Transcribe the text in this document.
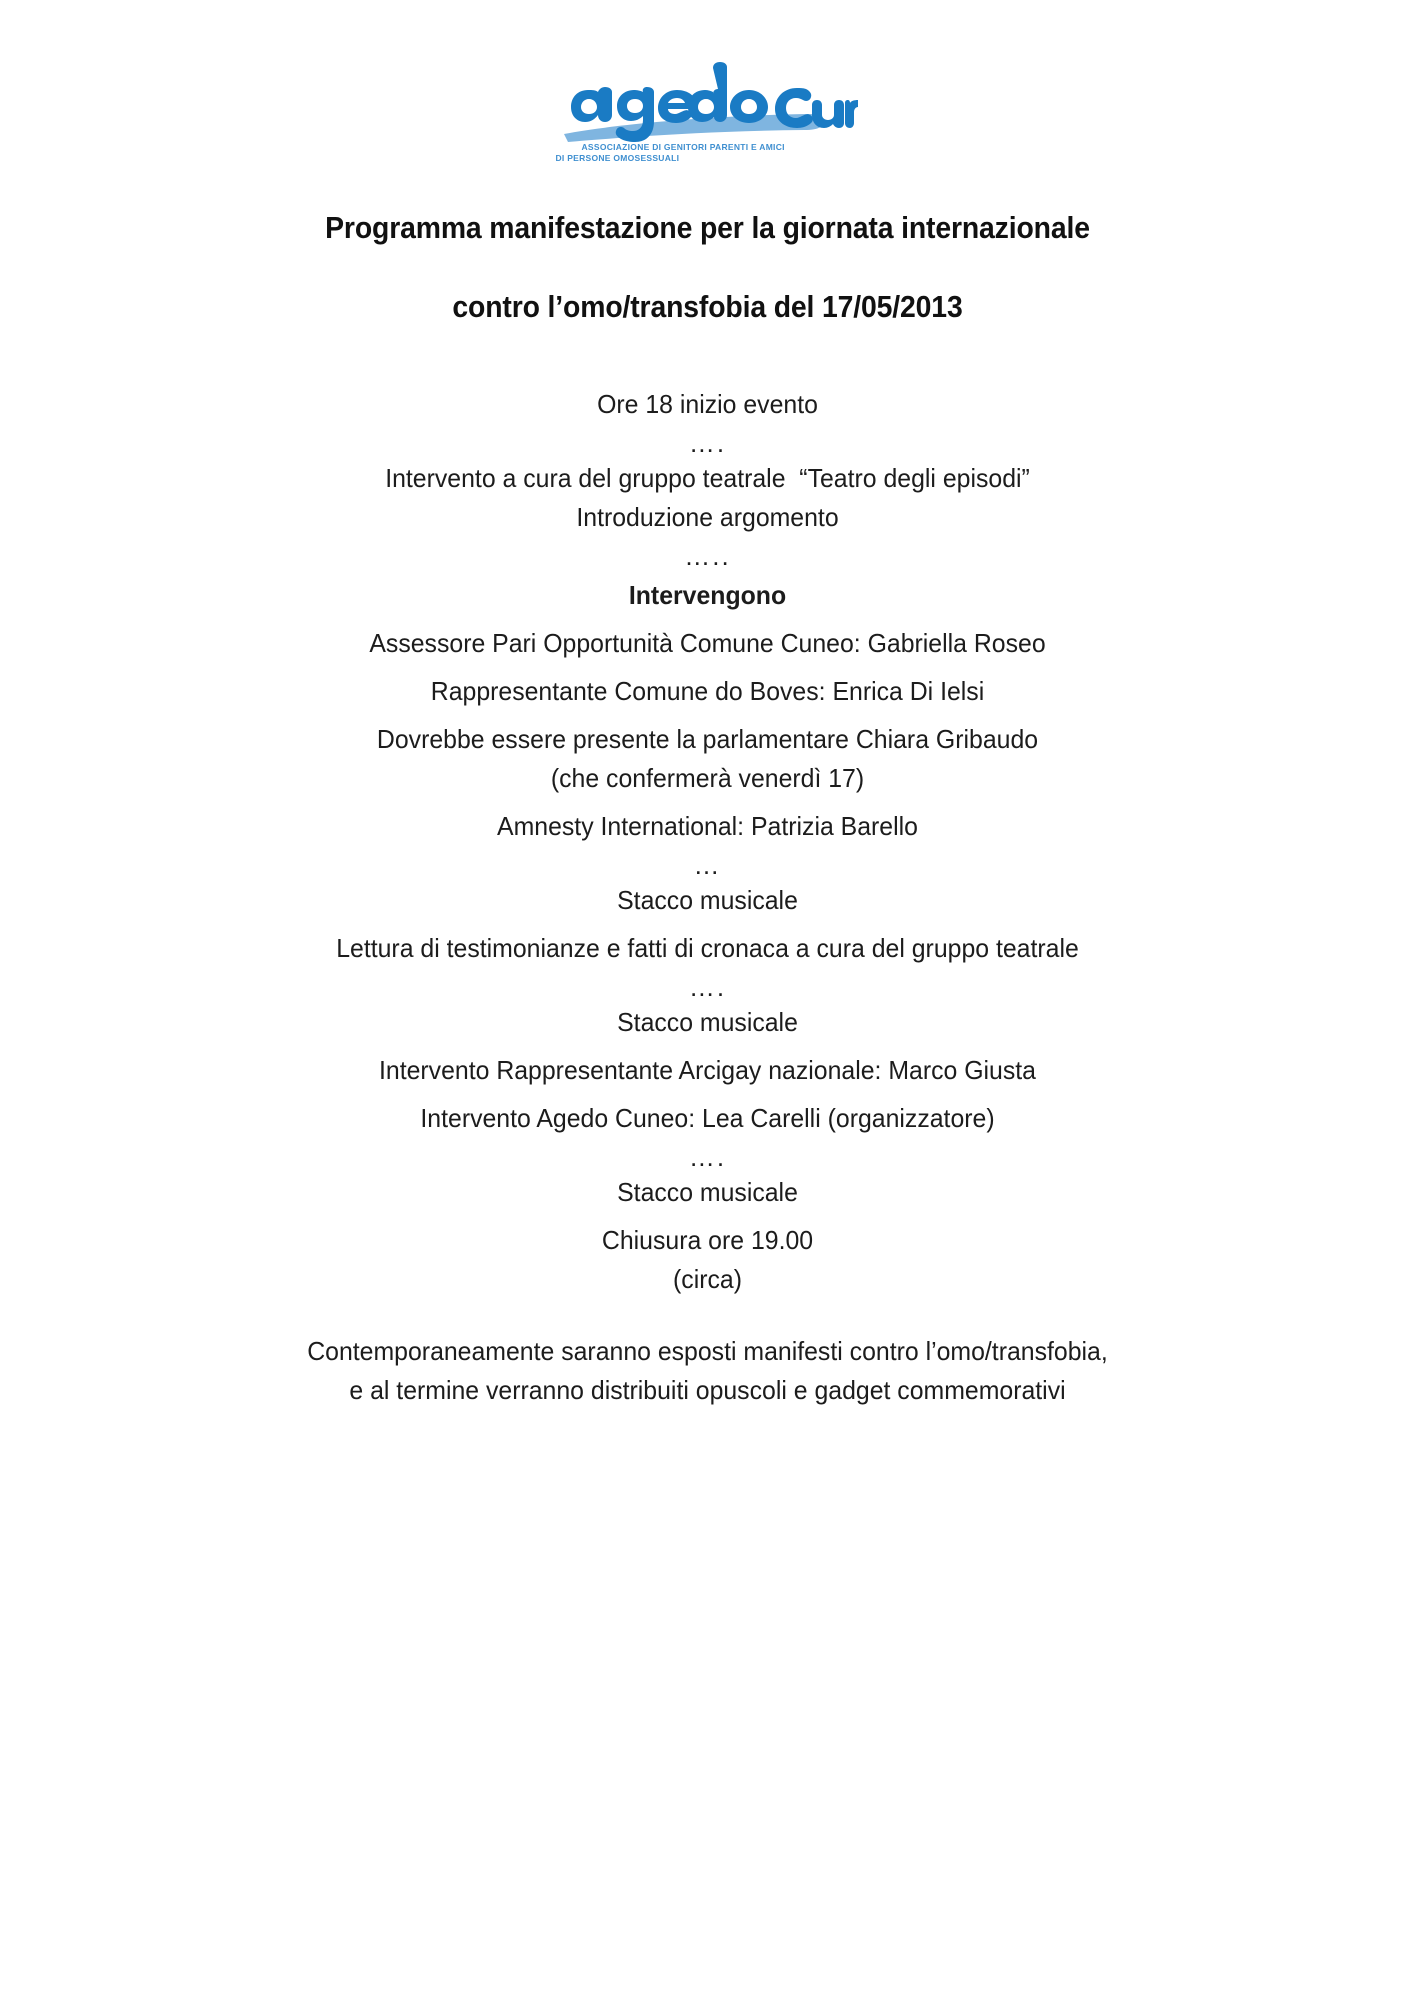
ASSOCIAZIONE DI GENITORI PARENTI E AMICI
DI PERSONE OMOSESSUALI
Programma manifestazione per la giornata internazionale
contro l’omo/transfobia del 17/05/2013
Ore 18 inizio evento
….
Intervento a cura del gruppo teatrale  “Teatro degli episodi”
Introduzione argomento
…..
Intervengono
Assessore Pari Opportunità Comune Cuneo: Gabriella Roseo
Rappresentante Comune do Boves: Enrica Di Ielsi
Dovrebbe essere presente la parlamentare Chiara Gribaudo
(che confermerà venerdì 17)
Amnesty International: Patrizia Barello
…
Stacco musicale
Lettura di testimonianze e fatti di cronaca a cura del gruppo teatrale
….
Stacco musicale
Intervento Rappresentante Arcigay nazionale: Marco Giusta
Intervento Agedo Cuneo: Lea Carelli (organizzatore)
….
Stacco musicale
Chiusura ore 19.00
(circa)
Contemporaneamente saranno esposti manifesti contro l’omo/transfobia,
e al termine verranno distribuiti opuscoli e gadget commemorativi
